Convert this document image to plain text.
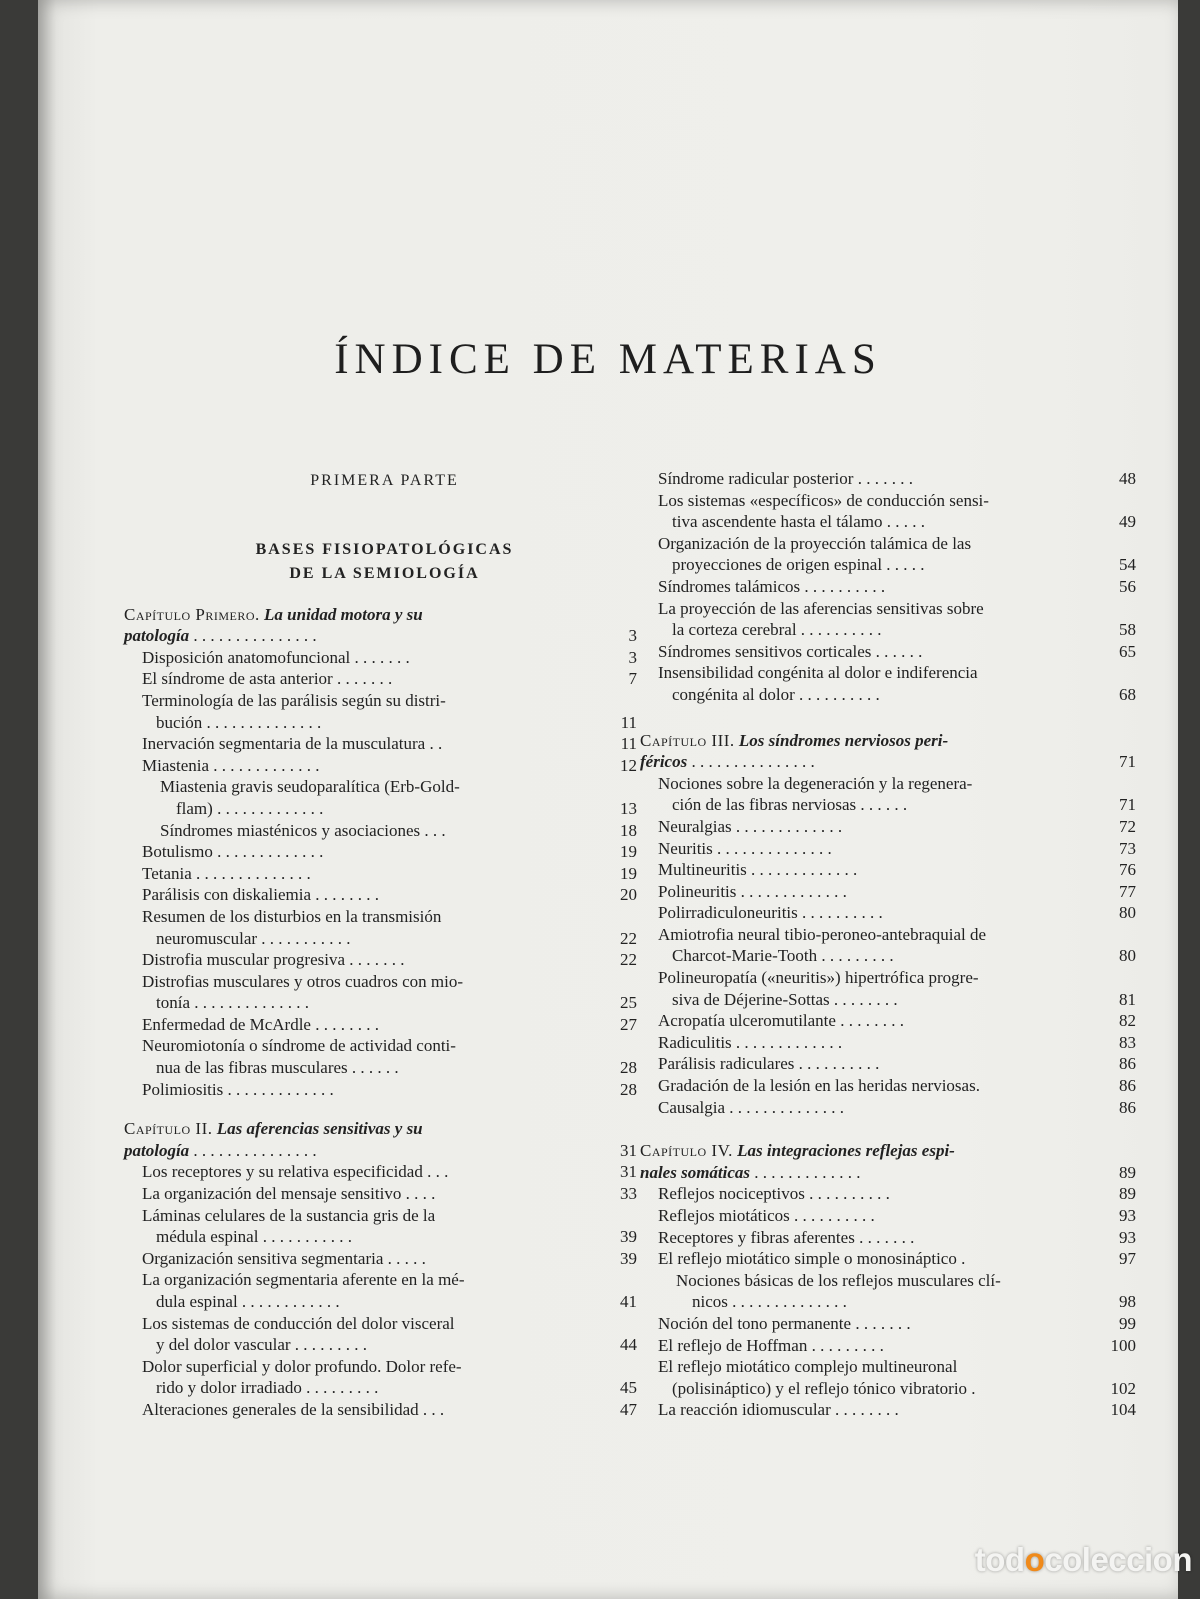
ÍNDICE DE MATERIAS
PRIMERA PARTE
BASES FISIOPATOLÓGICAS
DE LA SEMIOLOGÍA
Capítulo Primero. La unidad motora y su
patología . . . . . . . . . . . . . . .	3
Disposición anatomofuncional . . . . . . .	3
El síndrome de asta anterior . . . . . . .	7
Terminología de las parálisis según su distri-
bución . . . . . . . . . . . . . .	11
Inervación segmentaria de la musculatura . .	11
Miastenia . . . . . . . . . . . . .	12
Miastenia gravis seudoparalítica (Erb-Gold-
flam) . . . . . . . . . . . . .	13
Síndromes miasténicos y asociaciones . . .	18
Botulismo . . . . . . . . . . . . .	19
Tetania . . . . . . . . . . . . . .	19
Parálisis con diskaliemia . . . . . . . .	20
Resumen de los disturbios en la transmisión
neuromuscular . . . . . . . . . . .	22
Distrofia muscular progresiva . . . . . . .	22
Distrofias musculares y otros cuadros con mio-
tonía . . . . . . . . . . . . . .	25
Enfermedad de McArdle . . . . . . . .	27
Neuromiotonía o síndrome de actividad conti-
nua de las fibras musculares . . . . . .	28
Polimiositis . . . . . . . . . . . . .	28
Capítulo II. Las aferencias sensitivas y su
patología . . . . . . . . . . . . . . .	31
Los receptores y su relativa especificidad . . .	31
La organización del mensaje sensitivo . . . .	33
Láminas celulares de la sustancia gris de la
médula espinal . . . . . . . . . . .	39
Organización sensitiva segmentaria . . . . .	39
La organización segmentaria aferente en la mé-
dula espinal . . . . . . . . . . . .	41
Los sistemas de conducción del dolor visceral
y del dolor vascular . . . . . . . . .	44
Dolor superficial y dolor profundo. Dolor refe-
rido y dolor irradiado . . . . . . . . .	45
Alteraciones generales de la sensibilidad . . .	47
Síndrome radicular posterior . . . . . . .	48
Los sistemas «específicos» de conducción sensi-
tiva ascendente hasta el tálamo . . . . .	49
Organización de la proyección talámica de las
proyecciones de origen espinal . . . . .	54
Síndromes talámicos . . . . . . . . . .	56
La proyección de las aferencias sensitivas sobre
la corteza cerebral . . . . . . . . . .	58
Síndromes sensitivos corticales . . . . . .	65
Insensibilidad congénita al dolor e indiferencia
congénita al dolor . . . . . . . . . .	68
Capítulo III. Los síndromes nerviosos peri-
féricos . . . . . . . . . . . . . . .	71
Nociones sobre la degeneración y la regenera-
ción de las fibras nerviosas . . . . . .	71
Neuralgias . . . . . . . . . . . . .	72
Neuritis . . . . . . . . . . . . . .	73
Multineuritis . . . . . . . . . . . . .	76
Polineuritis . . . . . . . . . . . . .	77
Polirradiculoneuritis . . . . . . . . . .	80
Amiotrofia neural tibio-peroneo-antebraquial de
Charcot-Marie-Tooth . . . . . . . . .	80
Polineuropatía («neuritis») hipertrófica progre-
siva de Déjerine-Sottas . . . . . . . .	81
Acropatía ulceromutilante . . . . . . . .	82
Radiculitis . . . . . . . . . . . . .	83
Parálisis radiculares . . . . . . . . . .	86
Gradación de la lesión en las heridas nerviosas.	86
Causalgia . . . . . . . . . . . . . .	86
Capítulo IV. Las integraciones reflejas espi-
nales somáticas . . . . . . . . . . . . .	89
Reflejos nociceptivos . . . . . . . . . .	89
Reflejos miotáticos . . . . . . . . . .	93
Receptores y fibras aferentes . . . . . . .	93
El reflejo miotático simple o monosináptico .	97
Nociones básicas de los reflejos musculares clí-
nicos . . . . . . . . . . . . . .	98
Noción del tono permanente . . . . . . .	99
El reflejo de Hoffman . . . . . . . . .	100
El reflejo miotático complejo multineuronal
(polisináptico) y el reflejo tónico vibratorio .	102
La reacción idiomuscular . . . . . . . .	104
todocoleccion
